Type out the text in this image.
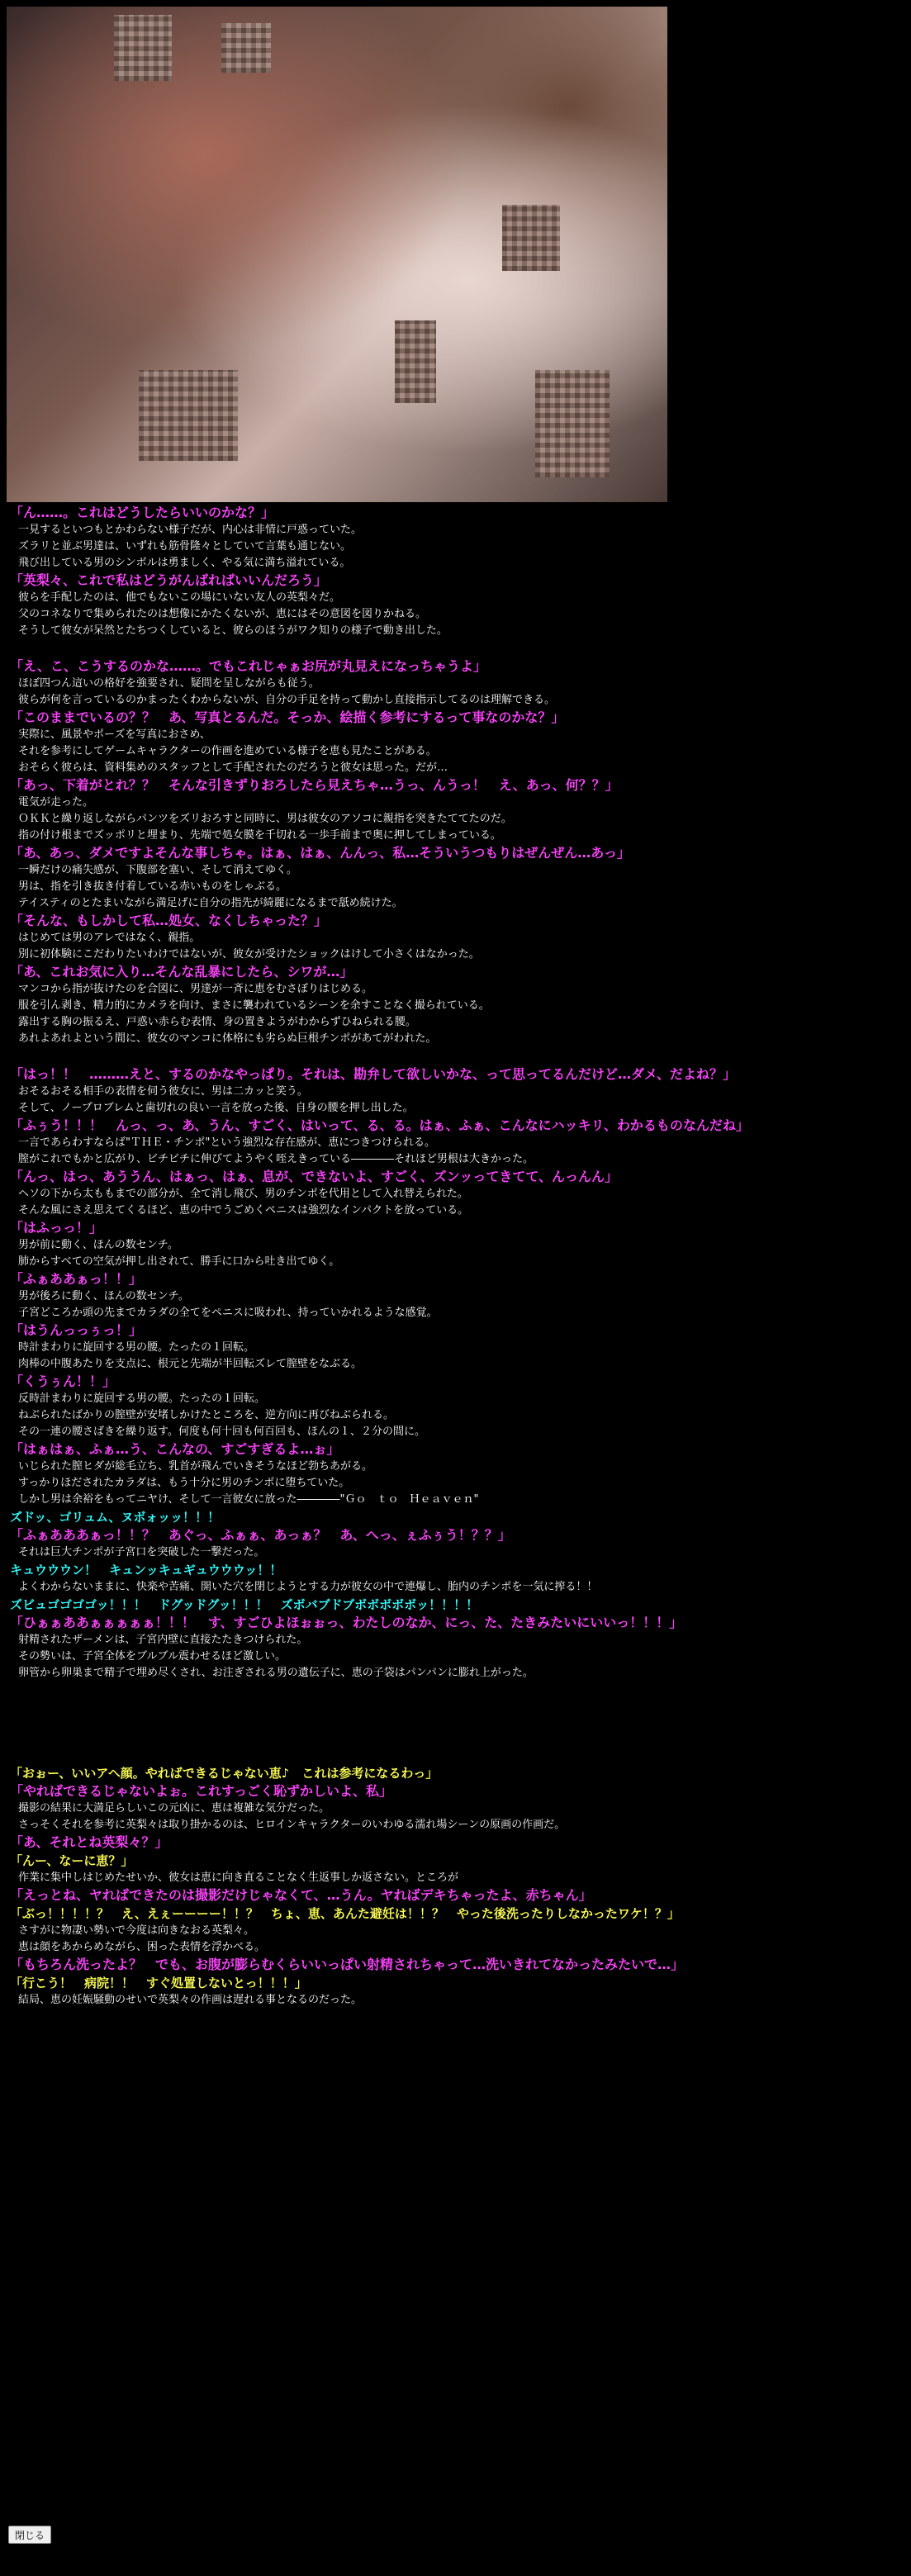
「ん……。これはどうしたらいいのかな？」
一見するといつもとかわらない様子だが、内心は非情に戸惑っていた。
ズラリと並ぶ男達は、いずれも筋骨隆々としていて言葉も通じない。
飛び出している男のシンボルは勇ましく、やる気に満ち溢れている。
「英梨々、これで私はどうがんばればいいんだろう」
彼らを手配したのは、他でもないこの場にいない友人の英梨々だ。
父のコネなりで集められたのは想像にかたくないが、恵にはその意図を図りかねる。
そうして彼女が呆然とたちつくしていると、彼らのほうがワク知りの様子で動き出した。
「え、こ、こうするのかな……。でもこれじゃぁお尻が丸見えになっちゃうよ」
ほぼ四つん這いの格好を強要され、疑問を呈しながらも従う。
彼らが何を言っているのかまったくわからないが、自分の手足を持って動かし直接指示してるのは理解できる。
「このままでいるの？？　あ、写真とるんだ。そっか、絵描く参考にするって事なのかな？」
実際に、風景やポーズを写真におさめ、
それを参考にしてゲームキャラクターの作画を進めている様子を恵も見たことがある。
おそらく彼らは、資料集めのスタッフとして手配されたのだろうと彼女は思った。だが…
「あっ、下着がとれ？？　そんな引きずりおろしたら見えちゃ…うっ、んうっ！　え、あっ、何？？」
電気が走った。
ＯＫＫと繰り返しながらパンツをズリおろすと同時に、男は彼女のアソコに親指を突きたててたのだ。
指の付け根までズッポリと埋まり、先端で処女膜を千切れる一歩手前まで奥に押してしまっている。
「あ、あっ、ダメですよそんな事しちゃ。はぁ、はぁ、んんっ、私…そういうつもりはぜんぜん…あっ」
一瞬だけの痛失感が、下腹部を塞い、そして消えてゆく。
男は、指を引き抜き付着している赤いものをしゃぶる。
テイスティのとたまいながら満足げに自分の指先が綺麗になるまで舐め続けた。
「そんな、もしかして私…処女、なくしちゃった？」
はじめては男のアレではなく、親指。
別に初体験にこだわりたいわけではないが、彼女が受けたショックはけして小さくはなかった。
「あ、これお気に入り…そんな乱暴にしたら、シワが…」
マンコから指が抜けたのを合図に、男達が一斉に恵をむさぼりはじめる。
服を引ん剥き、精力的にカメラを向け、まさに襲われているシーンを余すことなく撮られている。
露出する胸の振るえ、戸惑い赤らむ表情、身の置きようがわからずひねられる腰。
あれよあれよという間に、彼女のマンコに体格にも劣らぬ巨根チンポがあてがわれた。
「はっ！！　………えと、するのかなやっぱり。それは、勘弁して欲しいかな、って思ってるんだけど…ダメ、だよね？」
おそるおそる相手の表情を伺う彼女に、男は二カッと笑う。
そして、ノープロブレムと歯切れの良い一言を放った後、自身の腰を押し出した。
「ふぅう！！！　んっ、っ、あ、うん、すごく、はいって、る、る。はぁ、ふぁ、こんなにハッキリ、わかるものなんだね」
一言であらわすならば"ＴＨＥ・チンポ"という強烈な存在感が、恵につきつけられる。
膣がこれでもかと広がり、ビチビチに伸びてようやく咥えきっている――――それほど男根は大きかった。
「んっ、はっ、あううん、はぁっ、はぁ、息が、できないよ、すごく、ズンッってきてて、んっんん」
ヘソの下から太ももまでの部分が、全て消し飛び、男のチンポを代用として入れ替えられた。
そんな風にさえ思えてくるほど、恵の中でうごめくペニスは強烈なインパクトを放っている。
「はふっっ！」
男が前に動く、ほんの数センチ。
肺からすべての空気が押し出されて、勝手に口から吐き出てゆく。
「ふぁああぁっ！！」
男が後ろに動く、ほんの数センチ。
子宮どころか頭の先までカラダの全てをペニスに吸われ、持っていかれるような感覚。
「はうんっっぅっ！」
時計まわりに旋回する男の腰。たったの１回転。
肉棒の中腹あたりを支点に、根元と先端が半回転ズレて膣壁をなぶる。
「くうぅん！！」
反時計まわりに旋回する男の腰。たったの１回転。
ねぶられたばかりの膣壁が安堵しかけたところを、逆方向に再びねぶられる。
その一連の腰さばきを繰り返す。何度も何十回も何百回も、ほんの１、２分の間に。
「はぁはぁ、ふぁ…う、こんなの、すごすぎるよ…ぉ」
いじられた膣ヒダが総毛立ち、乳首が飛んでいきそうなほど勃ちあがる。
すっかりほだされたカラダは、もう十分に男のチンポに堕ちていた。
しかし男は余裕をもってニヤけ、そして一言彼女に放った――――"Ｇｏ　ｔｏ　Ｈｅａｖｅｎ"
ズドッ、ゴリュム、ヌボォッッ！！！
「ふぁあああぁっ！！？　あぐっ、ふぁぁ、あっぁ？　あ、へっ、ぇふぅう！？？」
それは巨大チンポが子宮口を突破した一撃だった。
キュウウウン！　キュンッキュギュウウウッ！！
よくわからないままに、快楽や苦痛、開いた穴を閉じようとする力が彼女の中で連爆し、胎内のチンポを一気に搾る！！
ズビュゴゴゴゴッ！！！　ドグッドグッ！！！　ズボバブドブボボボボボッ！！！！
「ひぁぁああぁぁぁぁぁ！！！　す、すごひよほぉぉっ、わたしのなか、にっ、た、たきみたいにいいっ！！！」
射精されたザーメンは、子宮内壁に直接たたきつけられた。
その勢いは、子宮全体をブルブル震わせるほど激しい。
卵管から卵巣まで精子で埋め尽くされ、お注ぎされる男の遺伝子に、恵の子袋はパンパンに膨れ上がった。
「おぉー、いいアヘ顔。やればできるじゃない恵♪　これは参考になるわっ」
「やればできるじゃないよぉ。これすっごく恥ずかしいよ、私」
撮影の結果に大満足らしいこの元凶に、恵は複雑な気分だった。
さっそくそれを参考に英梨々は取り掛かるのは、ヒロインキャラクターのいわゆる濡れ場シーンの原画の作画だ。
「あ、それとね英梨々？」
「んー、なーに恵？」
作業に集中しはじめたせいか、彼女は恵に向き直ることなく生返事しか返さない。ところが
「えっとね、ヤればできたのは撮影だけじゃなくて、…うん。ヤればデキちゃったよ、赤ちゃん」
「ぶっ！！！！？　え、えぇーーーー！！？　ちょ、恵、あんた避妊は！！？　やった後洗ったりしなかったワケ！？」
さすがに物凄い勢いで今度は向きなおる英梨々。
恵は顔をあからめながら、困った表情を浮かべる。
「もちろん洗ったよ？　でも、お腹が膨らむくらいいっぱい射精されちゃって…洗いきれてなかったみたいで…」
「行こう！　病院！！　すぐ処置しないとっ！！！」
結局、恵の妊娠騒動のせいで英梨々の作画は遅れる事となるのだった。
閉じる
